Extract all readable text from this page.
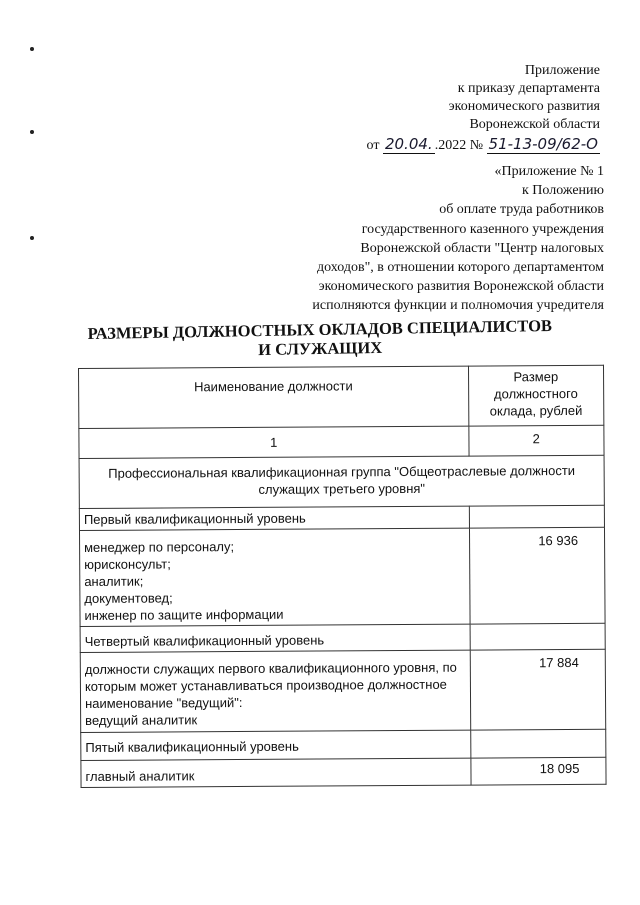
Приложение
к приказу департамента
экономического развития
Воронежской области
от 20.04. .2022 № 51-13-09/62-О
«Приложение № 1
к Положению
об оплате труда работников
государственного казенного учреждения
Воронежской области "Центр налоговых
доходов", в отношении которого департаментом
экономического развития Воронежской области
исполняются функции и полномочия учредителя
РАЗМЕРЫ ДОЛЖНОСТНЫХ ОКЛАДОВ СПЕЦИАЛИСТОВ
И СЛУЖАЩИХ
Наименование должности	Размер
должностного
оклада, рублей

1	2

Профессиональная квалификационная группа "Общеотраслевые должности
служащих третьего уровня"	

Первый квалификационный уровень	

менеджер по персоналу;
юрисконсульт;
аналитик;
документовед;
инженер по защите информации	16 936
Четвертый квалификационный уровень	

должности служащих первого квалификационного уровня, по
которым может устанавливаться производное должностное
наименование "ведущий":
ведущий аналитик	17 884
Пятый квалификационный уровень	

главный аналитик	18 095
